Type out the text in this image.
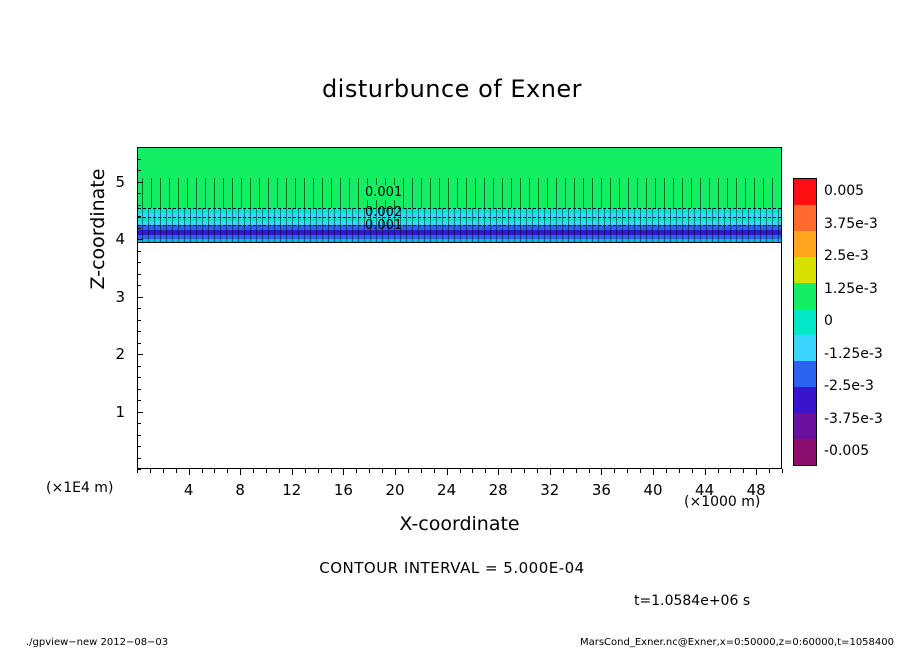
disturbunce of Exner
0.001
0.002
0.001
4	8 12 16 20 24 28 32 36 40 44 48
1
2
3
4
5
(×1E4 m)
(×1000 m)
X-coordinate
Z-coordinate
CONTOUR INTERVAL = 5.000E-04
t=1.0584e+06 s
./gpview−new 2012−08−03	MarsCond_Exner.nc@Exner,x=0:50000,z=0:60000,t=1058400
0.005
3.75e-3
2.5e-3
1.25e-3
0
-1.25e-3
-2.5e-3
-3.75e-3
-0.005
